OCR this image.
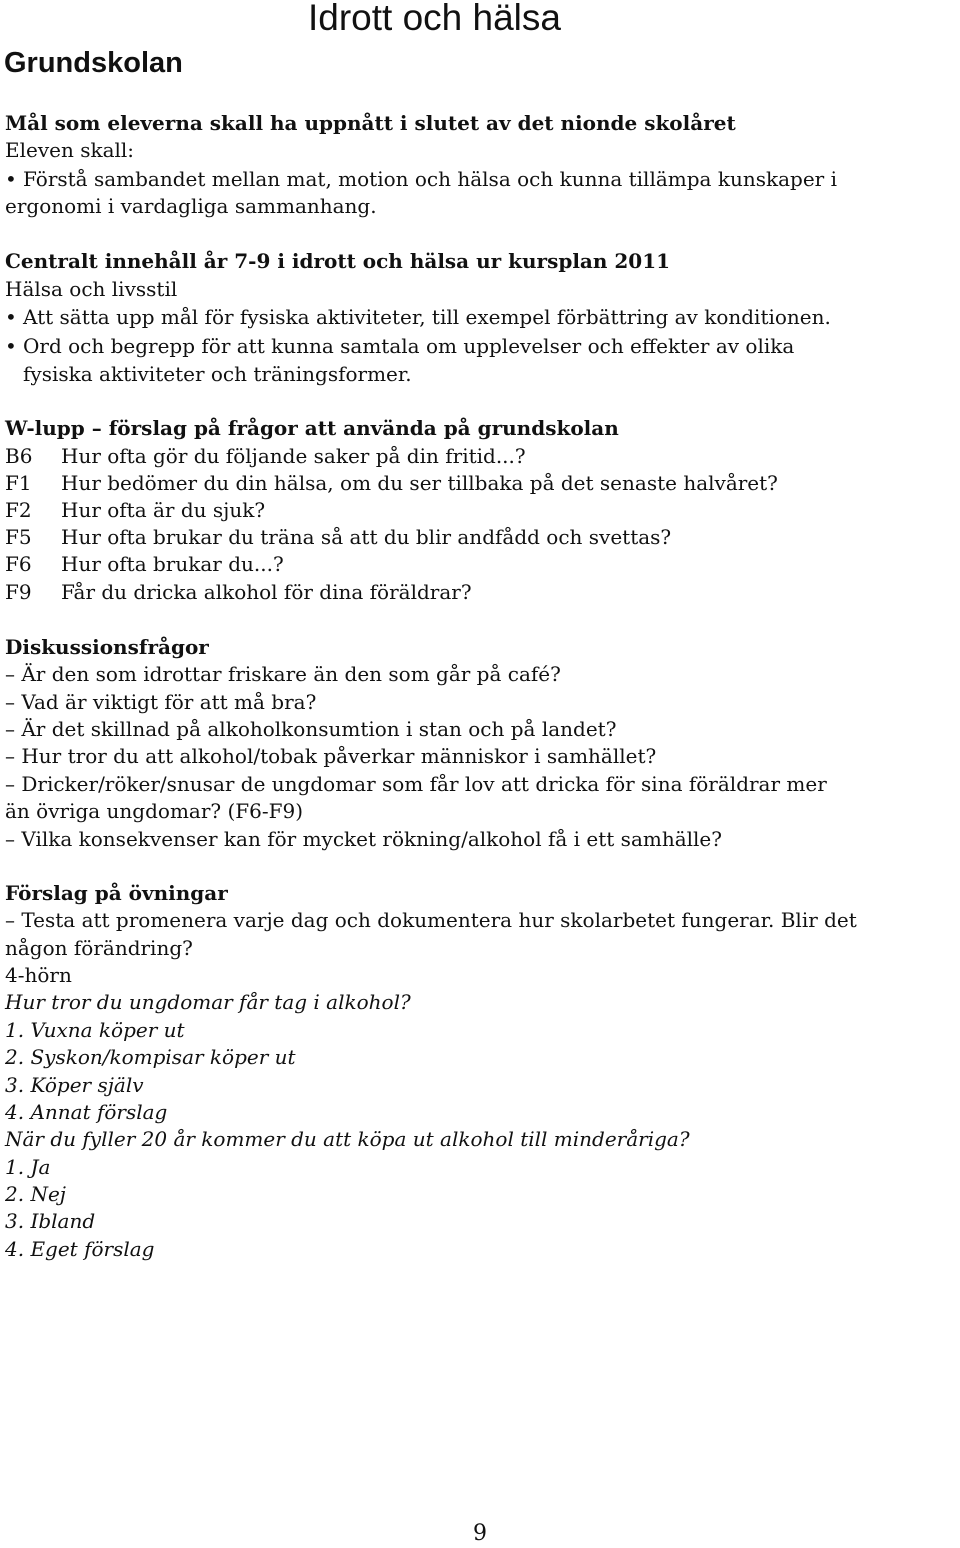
Idrott och hälsa
Grundskolan
Mål som eleverna skall ha uppnått i slutet av det nionde skolåret
Eleven skall:
• Förstå sambandet mellan mat, motion och hälsa och kunna tillämpa kunskaper i
ergonomi i vardagliga sammanhang.
Centralt innehåll år 7-9 i idrott och hälsa ur kursplan 2011
Hälsa och livsstil
• Att sätta upp mål för fysiska aktiviteter, till exempel förbättring av konditionen.
• Ord och begrepp för att kunna samtala om upplevelser och effekter av olika
fysiska aktiviteter och träningsformer.
W-lupp – förslag på frågor att använda på grundskolan
B6 Hur ofta gör du följande saker på din fritid...?
F1 Hur bedömer du din hälsa, om du ser tillbaka på det senaste halvåret?
F2 Hur ofta är du sjuk?
F5 Hur ofta brukar du träna så att du blir andfådd och svettas?
F6 Hur ofta brukar du...?
F9 Får du dricka alkohol för dina föräldrar?
Diskussionsfrågor
– Är den som idrottar friskare än den som går på café?
– Vad är viktigt för att må bra?
– Är det skillnad på alkoholkonsumtion i stan och på landet?
– Hur tror du att alkohol/tobak påverkar människor i samhället?
– Dricker/röker/snusar de ungdomar som får lov att dricka för sina föräldrar mer
än övriga ungdomar? (F6-F9)
– Vilka konsekvenser kan för mycket rökning/alkohol få i ett samhälle?
Förslag på övningar
– Testa att promenera varje dag och dokumentera hur skolarbetet fungerar. Blir det
någon förändring?
4-hörn
Hur tror du ungdomar får tag i alkohol?
1. Vuxna köper ut
2. Syskon/kompisar köper ut
3. Köper själv
4. Annat förslag
När du fyller 20 år kommer du att köpa ut alkohol till minderåriga?
1. Ja
2. Nej
3. Ibland
4. Eget förslag
9
